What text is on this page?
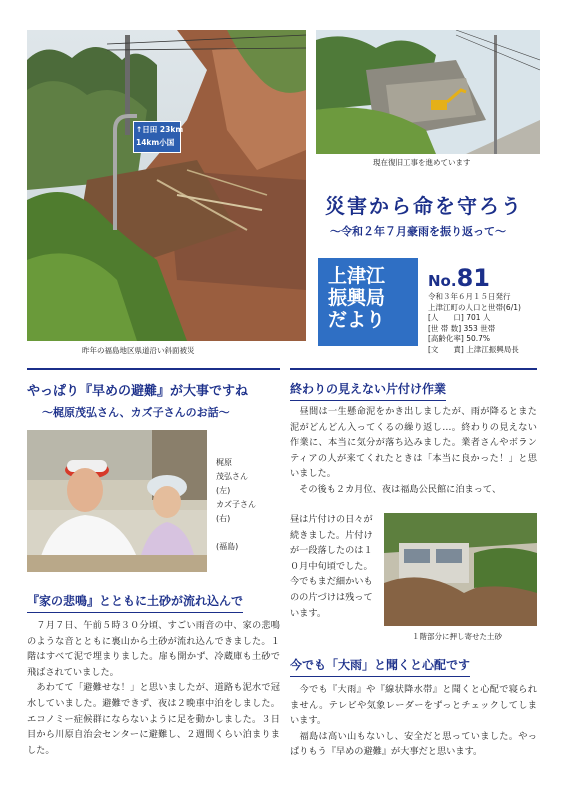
↑日田 23km
14km小国
昨年の福島地区県道沿い斜面被災
現在復旧工事を進めています
災害から命を守ろう
〜令和２年７月豪雨を振り返って〜
上津江
振興局
だより
No.81
令和３年６月１５日発行
上津江町の人口と世帯(6/1)
[人　　口] 701 人
[世 帯 数] 353 世帯
[高齢化率] 50.7%
[文　　責] 上津江振興局長
やっぱり『早めの避難』が大事ですね
〜梶原茂弘さん、カズ子さんのお話〜
梶原
茂弘さん
(左)
カズ子さん
(右)
(福島)
『家の悲鳴』とともに土砂が流れ込んで
　７月７日、午前５時３０分頃、すごい雨音の中、家の悲鳴のような音とともに裏山から土砂が流れ込んできました。１階はすべて泥で埋まりました。扉も開かず、冷蔵庫も土砂で飛ばされていました。
　あわてて「避難せな！」と思いましたが、道路も泥水で冠水していました。避難できず、夜は２晩車中泊をしました。エコノミー症候群にならないように足を動かしました。３日目から川原自治会センターに避難し、２週間くらい泊まりました。
終わりの見えない片付け作業
　昼間は一生懸命泥をかき出しましたが、雨が降るとまた泥がどんどん入ってくるの繰り返し…。終わりの見えない作業に、本当に気分が落ち込みました。業者さんやボランティアの人が来てくれたときは「本当に良かった！」と思いました。
　その後も２カ月位、夜は福島公民館に泊まって、
昼は片付けの日々が続きました。片付けが一段落したのは１０月中旬頃でした。今でもまだ細かいものの片づけは残っています。
１階部分に押し寄せた土砂
今でも「大雨」と聞くと心配です
　今でも『大雨』や『線状降水帯』と聞くと心配で寝られません。テレビや気象レーダーをずっとチェックしてしまいます。
　福島は高い山もないし、安全だと思っていました。やっぱりもう『早めの避難』が大事だと思います。
